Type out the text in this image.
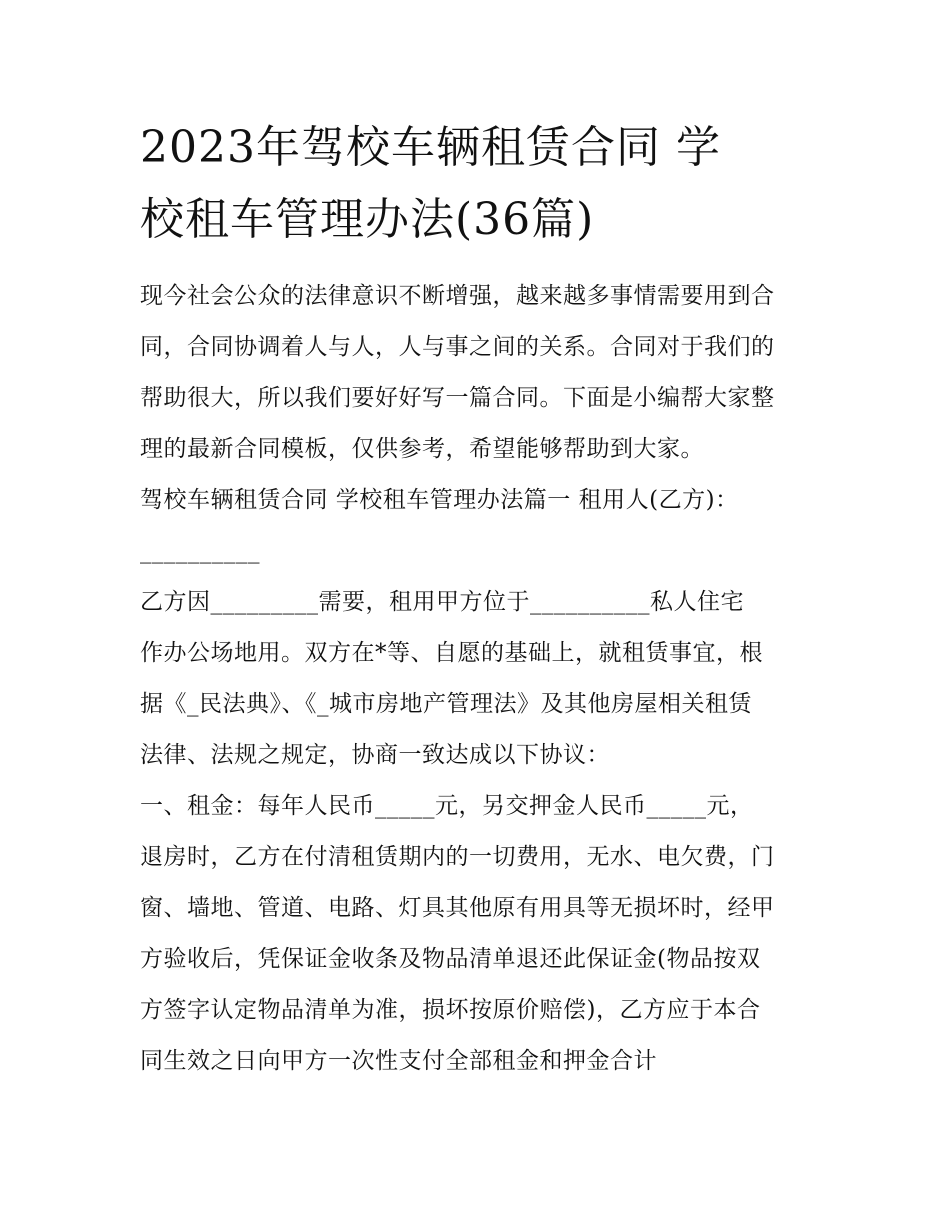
2023年驾校车辆租赁合同 学
校租车管理办法(36篇)
现今社会公众的法律意识不断增强，越来越多事情需要用到合
同，合同协调着人与人，人与事之间的关系。合同对于我们的
帮助很大，所以我们要好好写一篇合同。下面是小编帮大家整
理的最新合同模板，仅供参考，希望能够帮助到大家。
驾校车辆租赁合同 学校租车管理办法篇一 租用人(乙方)：
__________
乙方因_________需要，租用甲方位于__________私人住宅
作办公场地用。双方在*等、自愿的基础上，就租赁事宜，根
据《_民法典》、《_城市房地产管理法》及其他房屋相关租赁
法律、法规之规定，协商一致达成以下协议：
一、租金：每年人民币_____元，另交押金人民币_____元，
退房时，乙方在付清租赁期内的一切费用，无水、电欠费，门
窗、墙地、管道、电路、灯具其他原有用具等无损坏时，经甲
方验收后，凭保证金收条及物品清单退还此保证金(物品按双
方签字认定物品清单为准，损坏按原价赔偿)，乙方应于本合
同生效之日向甲方一次性支付全部租金和押金合计
